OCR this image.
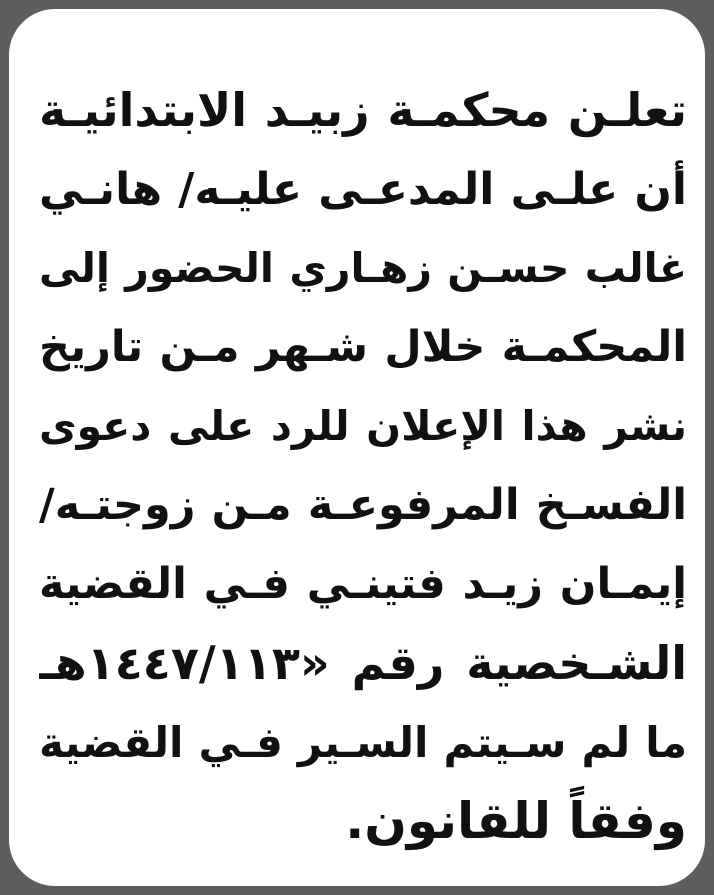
تعلـن محكمـة زبيـد الابتدائيـة
أن علـى المدعـى عليـه/ هانـي
غالب حسـن زهـاري الحضور إلى
المحكمـة خلال شـهر مـن تاريخ
نشر هذا الإعلان للرد على دعوى
الفسـخ المرفوعـة مـن زوجتـه/
إيمـان زيـد فتينـي فـي القضية
الشـخصية رقم «١٤٤٧/١١٣هـ
ما لم سـيتم السـير فـي القضية
وفقاً للقانون.
